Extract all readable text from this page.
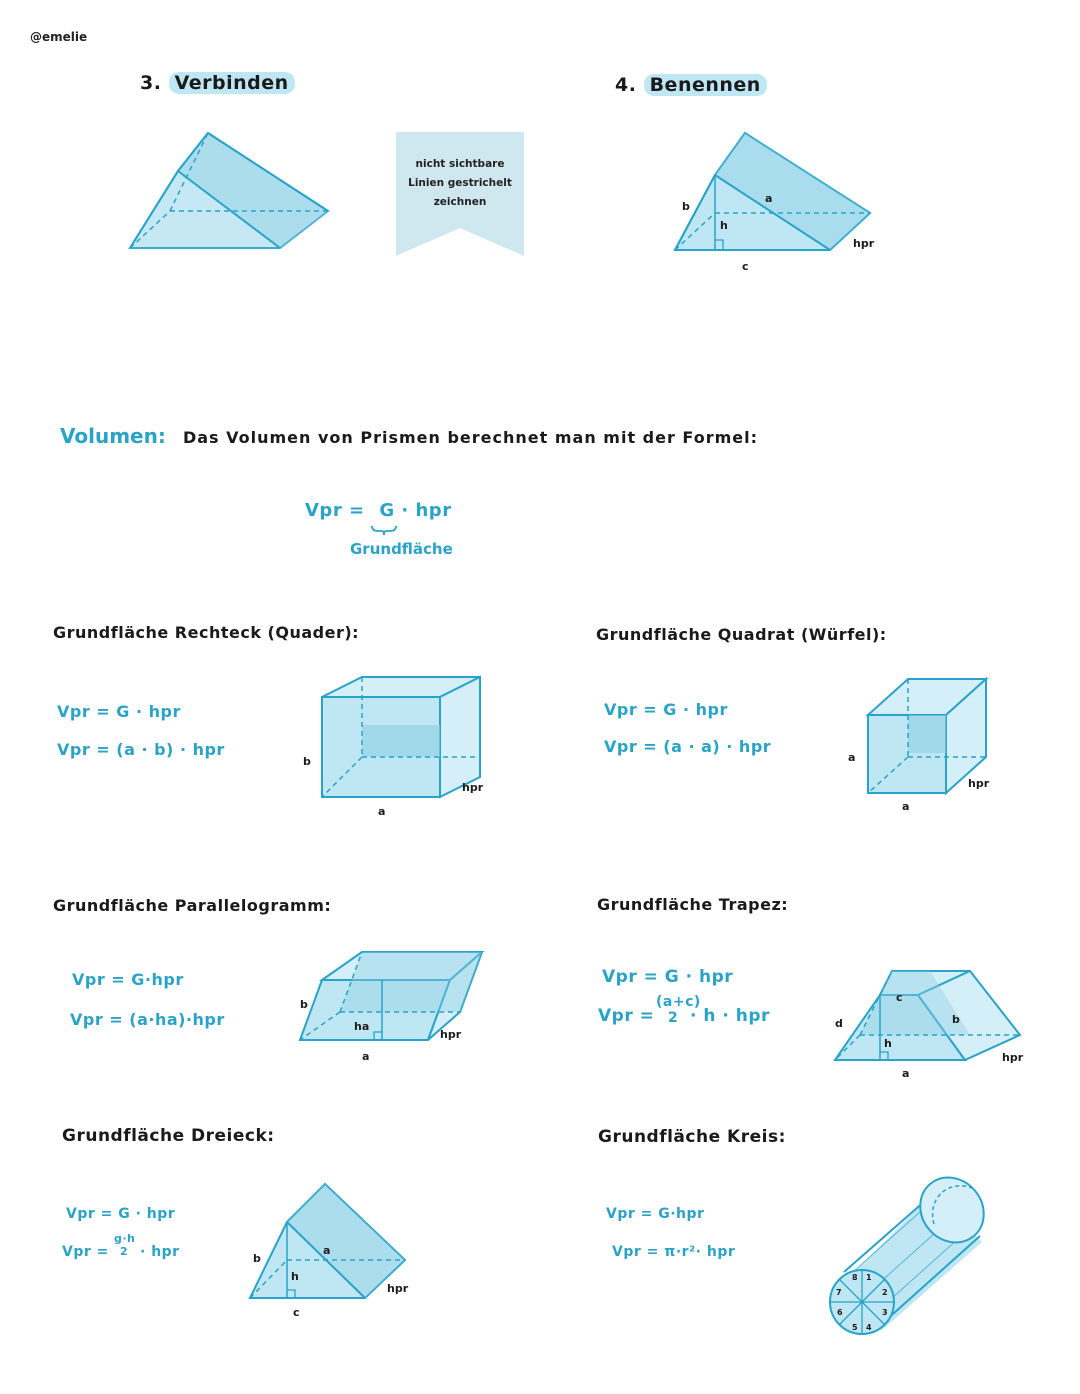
@emelie
3. Verbinden	4. Benennen
nicht sichtbare
Linien gestrichelt
zeichnen	b
h
a
c
hpr
Volumen: Das Volumen von Prismen berechnet man mit der Formel:
Vpr = G · hpr
Grundfläche
Grundfläche Rechteck (Quader):
Vpr = G · hpr
Vpr = (a · b) · hpr
b
a
hpr
Grundfläche Quadrat (Würfel):
Vpr = G · hpr
Vpr = (a · a) · hpr
a
a
hpr
Grundfläche Parallelogramm:
Vpr = G·hpr
Vpr = (a·ha)·hpr
b
ha
a
hpr
Grundfläche Trapez:
Vpr = G · hpr
Vpr =
(a+c)
2 · h · hpr	d
c
b
h
a
hpr
Grundfläche Dreieck:
Vpr = G · hpr
Vpr =
g·h
2 · hpr	b
h
a
c
hpr
Grundfläche Kreis:
Vpr = G·hpr
Vpr = π·r²· hpr
1
2
3
4
5
6
7
8
